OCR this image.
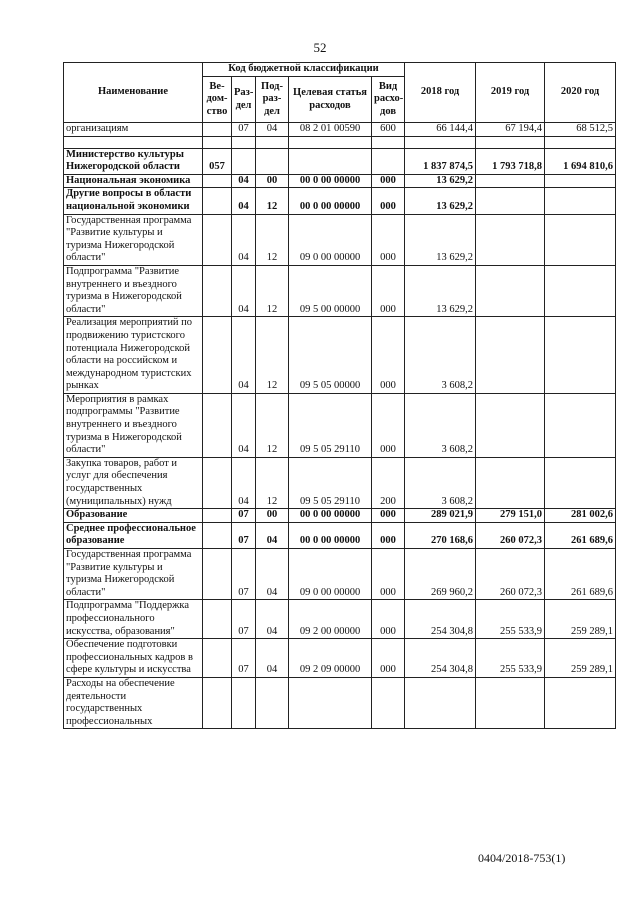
52
Наименование	Код бюджетной классификации					2018 год	2019 год	2020 год
	Ве-дом-ство	Раз-дел	Под-раз-дел	Целевая статья расходов	Вид расхо-дов			
организациям		07	04	08 2 01 00590	600	66 144,4	67 194,4	68 512,5

Министерство культуры Нижегородской области	057					1 837 874,5	1 793 718,8	1 694 810,6
Национальная экономика		04	00	00 0 00 00000	000	13 629,2		
Другие вопросы в области национальной экономики		04	12	00 0 00 00000	000	13 629,2		
Государственная программа "Развитие культуры и туризма Нижегородской области"		04	12	09 0 00 00000	000	13 629,2		
Подпрограмма "Развитие внутреннего и въездного туризма в Нижегородской области"		04	12	09 5 00 00000	000	13 629,2		
Реализация мероприятий по продвижению туристского потенциала Нижегородской области на российском и международном туристских рынках		04	12	09 5 05 00000	000	3 608,2		
Мероприятия в рамках подпрограммы "Развитие внутреннего и въездного туризма в Нижегородской области"		04	12	09 5 05 29110	000	3 608,2		
Закупка товаров, работ и услуг для обеспечения государственных (муниципальных) нужд		04	12	09 5 05 29110	200	3 608,2		
Образование		07	00	00 0 00 00000	000	289 021,9	279 151,0	281 002,6
Среднее профессиональное образование		07	04	00 0 00 00000	000	270 168,6	260 072,3	261 689,6
Государственная программа "Развитие культуры и туризма Нижегородской области"		07	04	09 0 00 00000	000	269 960,2	260 072,3	261 689,6
Подпрограмма "Поддержка профессионального искусства, образования"		07	04	09 2 00 00000	000	254 304,8	255 533,9	259 289,1
Обеспечение подготовки профессиональных кадров в сфере культуры и искусства		07	04	09 2 09 00000	000	254 304,8	255 533,9	259 289,1
Расходы на обеспечение деятельности государственных профессиональных								
0404/2018-753(1)
